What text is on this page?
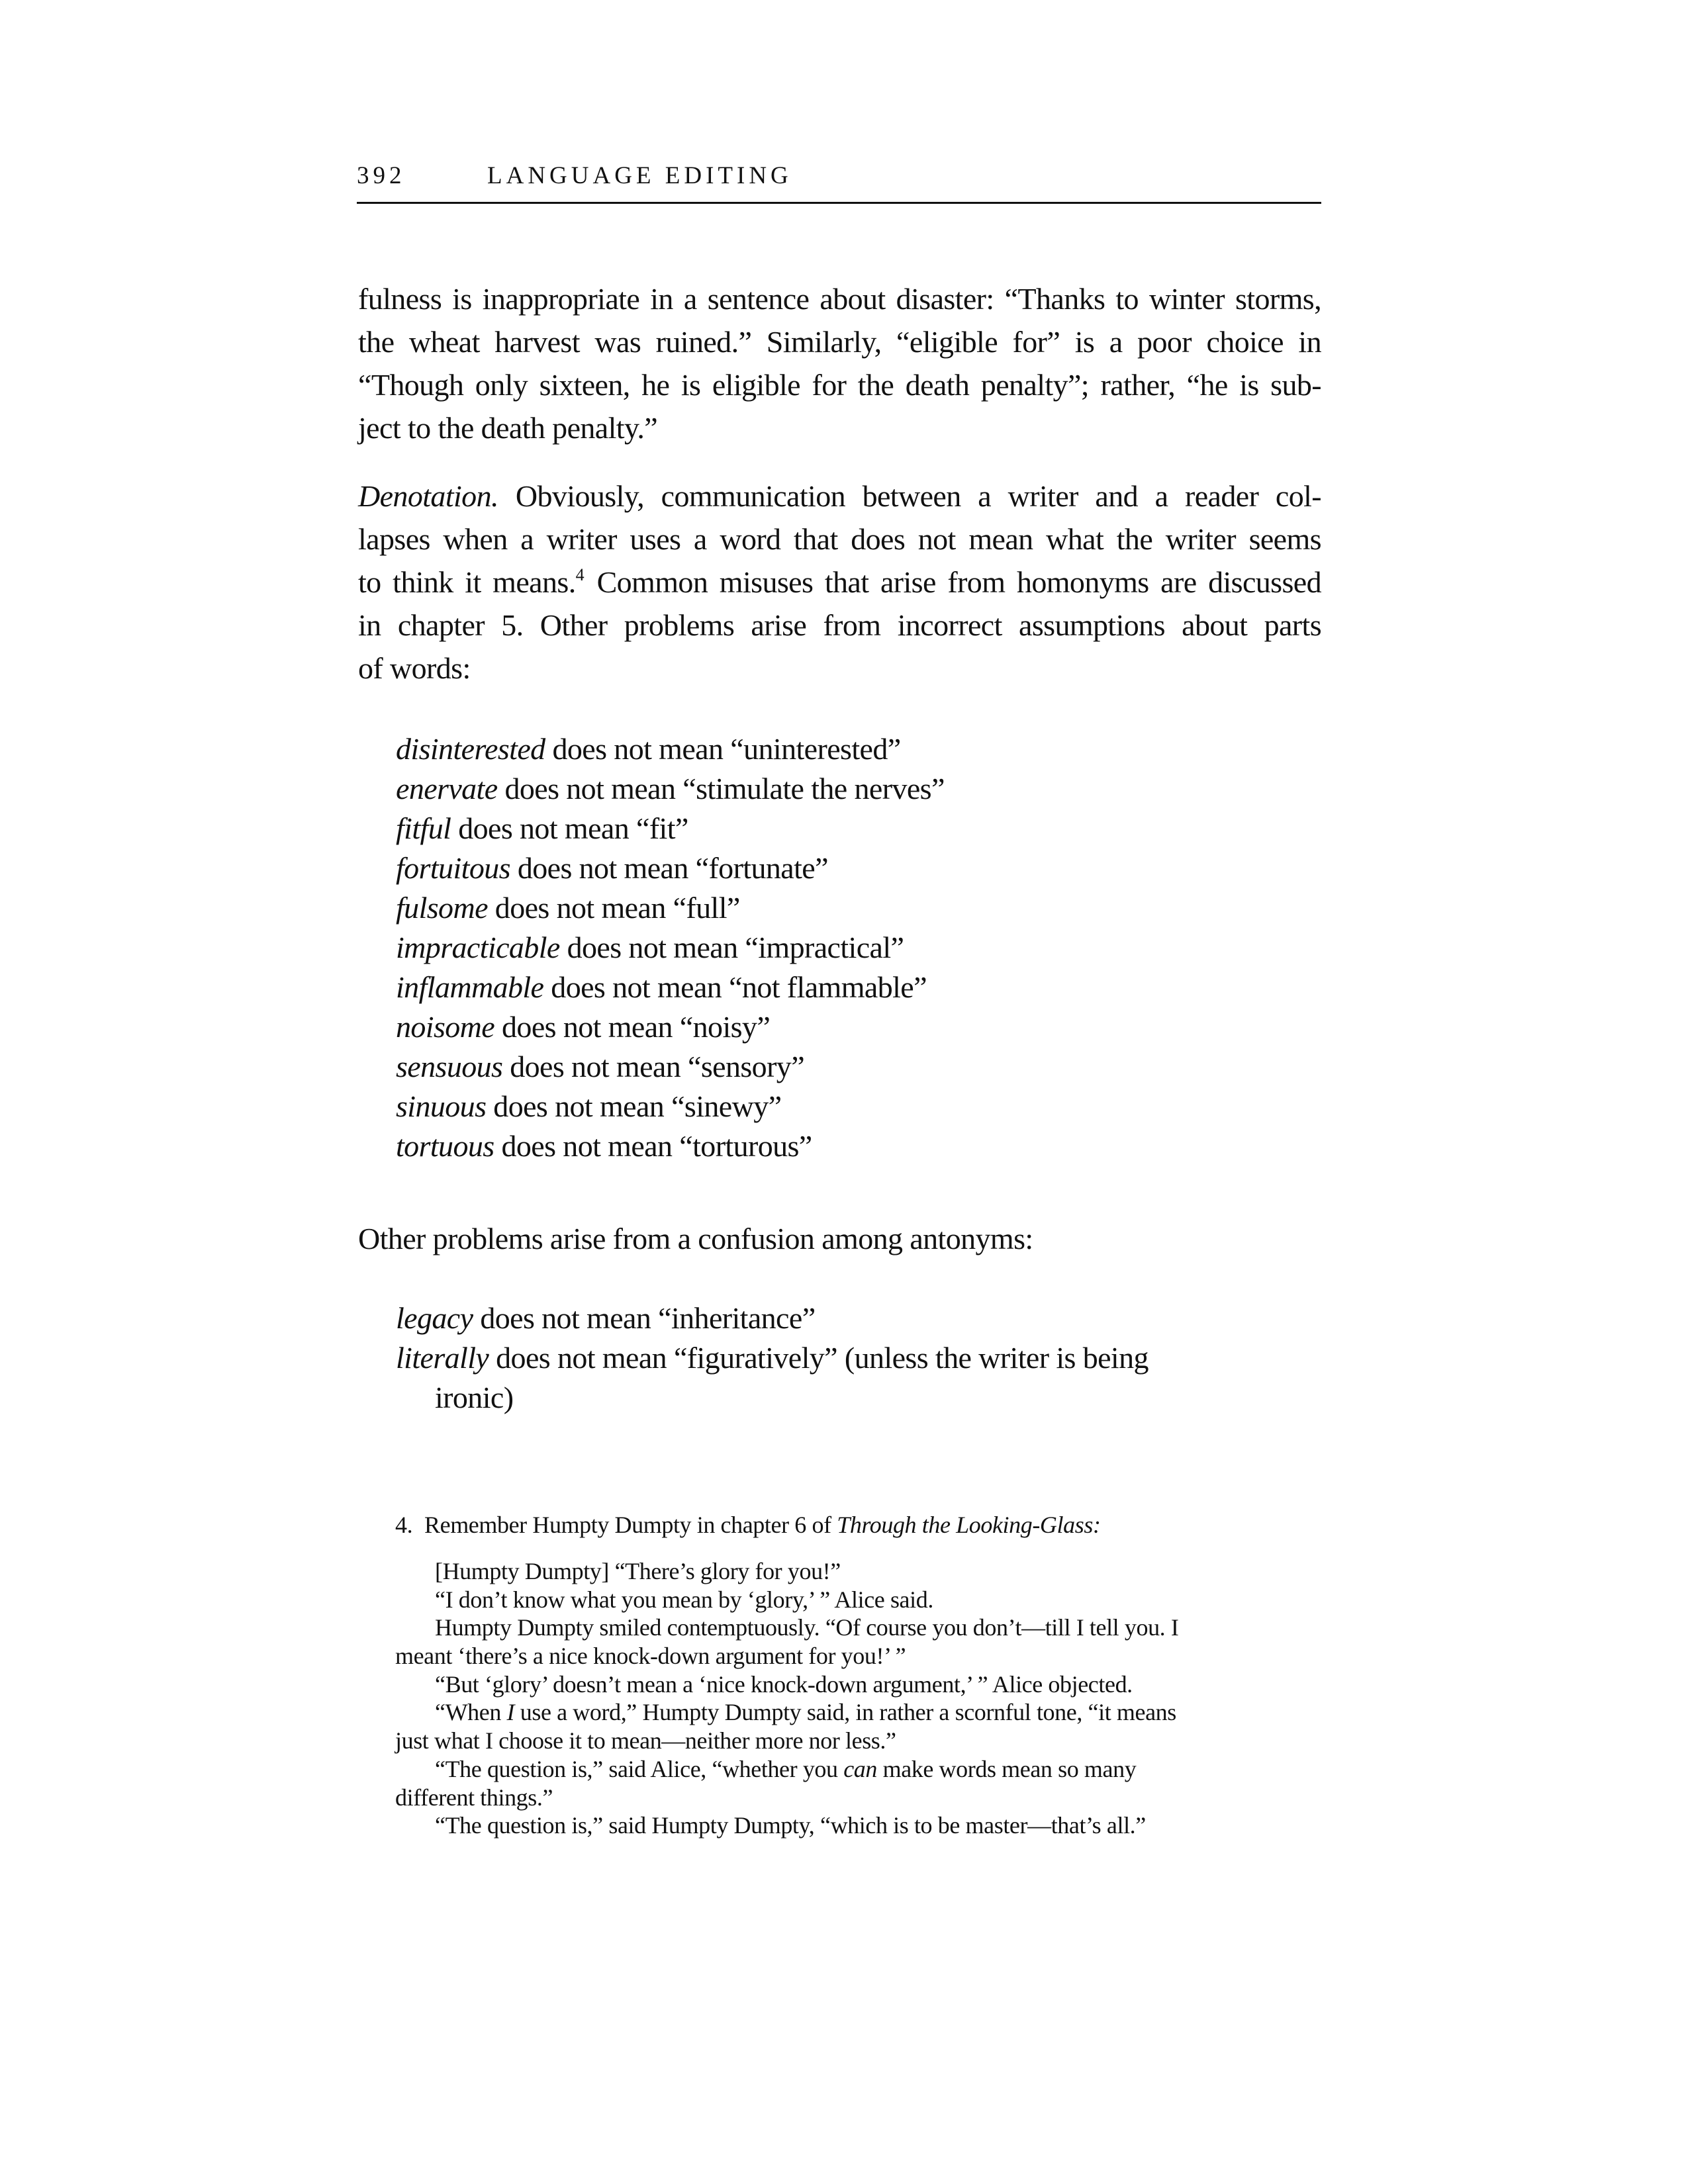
392	LANGUAGE EDITING
fulness is inappropriate in a sentence about disaster: “Thanks to winter storms,
the wheat harvest was ruined.” Similarly, “eligible for” is a poor choice in
“Though only sixteen, he is eligible for the death penalty”; rather, “he is sub-
ject to the death penalty.”
Denotation. Obviously, communication between a writer and a reader col-
lapses when a writer uses a word that does not mean what the writer seems
to think it means.$^4$ Common misuses that arise from homonyms are discussed
in chapter 5. Other problems arise from incorrect assumptions about parts
of words:
disinterested does not mean “uninterested”
enervate does not mean “stimulate the nerves”
fitful does not mean “fit”
fortuitous does not mean “fortunate”
fulsome does not mean “full”
impracticable does not mean “impractical”
inflammable does not mean “not flammable”
noisome does not mean “noisy”
sensuous does not mean “sensory”
sinuous does not mean “sinewy”
tortuous does not mean “torturous”
Other problems arise from a confusion among antonyms:
legacy does not mean “inheritance”
literally does not mean “figuratively” (unless the writer is being
ironic)
4. Remember Humpty Dumpty in chapter 6 of Through the Looking-Glass:
[Humpty Dumpty] “There’s glory for you!”
“I don’t know what you mean by ‘glory,’ ” Alice said.
Humpty Dumpty smiled contemptuously. “Of course you don’t—till I tell you. I
meant ‘there’s a nice knock-down argument for you!’ ”
“But ‘glory’ doesn’t mean a ‘nice knock-down argument,’ ” Alice objected.
“When I use a word,” Humpty Dumpty said, in rather a scornful tone, “it means
just what I choose it to mean—neither more nor less.”
“The question is,” said Alice, “whether you can make words mean so many
different things.”
“The question is,” said Humpty Dumpty, “which is to be master—that’s all.”
